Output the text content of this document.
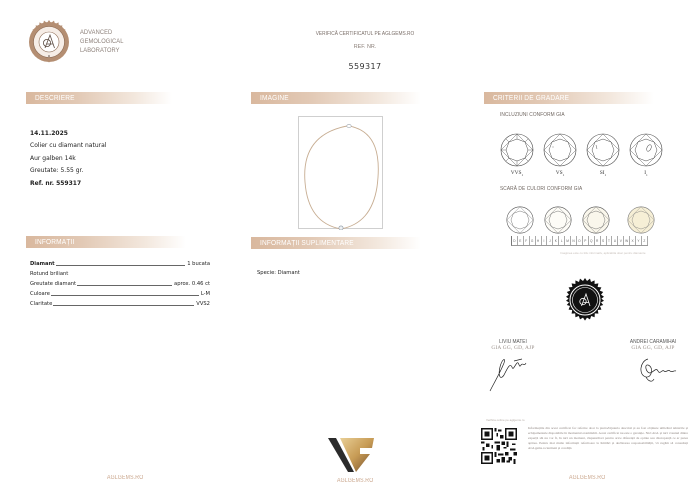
ADVANCED
GEMOLOGICAL
LABORATORY
VERIFICĂ CERTIFICATUL PE AGLGEMS.RO
REF. NR.
559317
DESCRIERE	IMAGINE	CRITERII DE GRADARE
INFORMAȚII	INFORMAȚII SUPLIMENTARE
14.11.2025
Colier cu diamant natural
Aur galben 14k
Greutate: 5.55 gr.
Ref. nr. 559317
Diamant	1 bucata
Rotund briliant
Greutate diamant	aprox. 0.46 ct
Culoare	L-M
Claritate	VVS2
Specie: Diamant
INCLUZIUNI CONFORM GIA
$VVS_1$	$VS_1$	$SI_1$	$I_1$
SCARĂ DE CULORI CONFORM GIA
D	E	F	G	H	I	J	K	L	M	N	O	P	Q	R	S	T	U	V	W	X	Y	Z
Imaginea este cu titlu informativ, aplicabila doar pentru diamante
LIVIU MATEI
GIA GG, GD, AJP
ANDREI CARAMIHAI
GIA GG, GD, AJP
Verifica online pe aglgems.ro
Informațiile din acest certificat fac referire doar la piatra/bijuteria descrisă și au fost obținute utilizând tehnicile și echipamentele disponibile în momentul examinării. Acest certificat nu este o garanție. Nici AGL și nici vreunul dintre experții săi nu vor fi, în nici un moment, răspunzători pentru orice diferență de opinie sau discrepanță ce ar putea apărea. Pentru mai multe informații referitoare la limitări și declinarea responsabilității, vă rugăm să consultați AGLgems.ro/termeni și condiții.
AGLGEMS.RO	AGLGEMS.RO	AGLGEMS.RO
